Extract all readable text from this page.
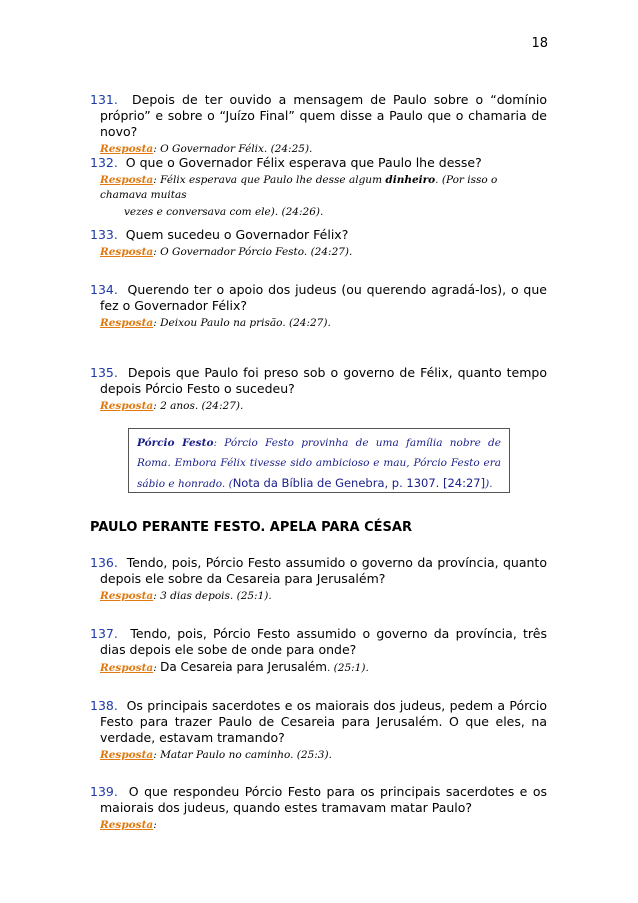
18
131. Depois de ter ouvido a mensagem de Paulo sobre o “domínio próprio” e sobre o “Juízo Final” quem disse a Paulo que o chamaria de novo?
Resposta: O Governador Félix. (24:25).
132. O que o Governador Félix esperava que Paulo lhe desse?
Resposta: Félix esperava que Paulo lhe desse algum dinheiro. (Por isso o chamava muitas
vezes e conversava com ele). (24:26).
133. Quem sucedeu o Governador Félix?
Resposta: O Governador Pórcio Festo. (24:27).
134. Querendo ter o apoio dos judeus (ou querendo agradá-los), o que fez o Governador Félix?
Resposta: Deixou Paulo na prisão. (24:27).
135. Depois que Paulo foi preso sob o governo de Félix, quanto tempo depois Pórcio Festo o sucedeu?
Resposta: 2 anos. (24:27).
Pórcio Festo: Pórcio Festo provinha de uma família nobre de Roma. Embora Félix tivesse sido ambicioso e mau, Pórcio Festo era sábio e honrado. (Nota da Bíblia de Genebra, p. 1307. [24:27]).
PAULO PERANTE FESTO. APELA PARA CÉSAR
136. Tendo, pois, Pórcio Festo assumido o governo da província, quanto depois ele sobre da Cesareia para Jerusalém?
Resposta: 3 dias depois. (25:1).
137. Tendo, pois, Pórcio Festo assumido o governo da província, três dias depois ele sobe de onde para onde?
Resposta: Da Cesareia para Jerusalém. (25:1).
138. Os principais sacerdotes e os maiorais dos judeus, pedem a Pórcio Festo para trazer Paulo de Cesareia para Jerusalém. O que eles, na verdade, estavam tramando?
Resposta: Matar Paulo no caminho. (25:3).
139. O que respondeu Pórcio Festo para os principais sacerdotes e os maiorais dos judeus, quando estes tramavam matar Paulo?
Resposta:
